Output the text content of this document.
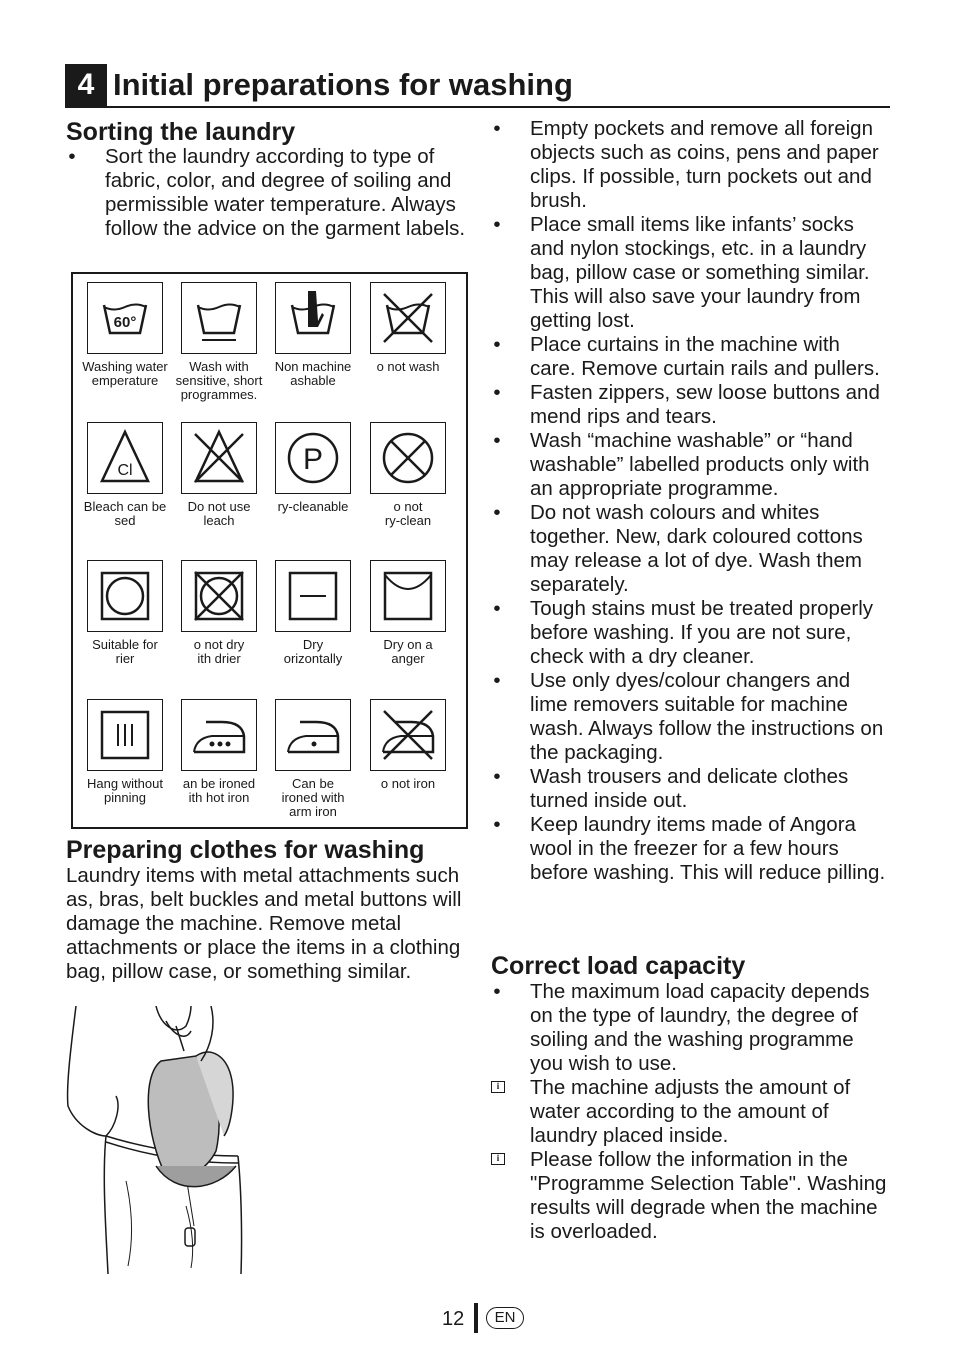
4 Initial preparations for washing
Sorting the laundry
• Sort the laundry according to type of fabric, color, and degree of soiling and permissible water temperature. Always follow the advice on the garment labels.
60°
Washing water
emperature
Wash with
sensitive, short
programmes.
Non machine
ashable
o not wash
Cl
Bleach can be
sed
Do not use
leach
P
ry-cleanable	o not
ry-clean
Suitable for
rier
o not dry
ith drier
Dry
orizontally
Dry on a
anger
Hang without
pinning
an be ironed
ith hot iron
Can be
ironed with
arm iron
o not iron
Preparing clothes for washing

Laundry items with metal attachments such as, bras, belt buckles and metal buttons will damage the machine. Remove metal attachments or place the items in a clothing bag, pillow case, or something similar.

• Empty pockets and remove all foreign objects such as coins, pens and paper clips. If possible, turn pockets out and brush.
• Place small items like infants’ socks and nylon stockings, etc. in a laundry bag, pillow case or something similar. This will also save your laundry from getting lost.
• Place curtains in the machine with care. Remove curtain rails and pullers.
• Fasten zippers, sew loose buttons and mend rips and tears.
• Wash “machine washable” or “hand washable” labelled products only with an appropriate programme.
• Do not wash colours and whites together. New, dark coloured cottons may release a lot of dye. Wash them separately.
• Tough stains must be treated properly before washing. If you are not sure, check with a dry cleaner.
• Use only dyes/colour changers and lime removers suitable for machine wash. Always follow the instructions on the packaging.
• Wash trousers and delicate clothes turned inside out.
• Keep laundry items made of Angora wool in the freezer for a few hours before washing. This will reduce pilling.
Correct load capacity
• The maximum load capacity depends on the type of laundry, the degree of soiling and the washing programme you wish to use.
i The machine adjusts the amount of water according to the amount of laundry placed inside.
i Please follow the information in the "Programme Selection Table". Washing results will degrade when the machine is overloaded.
12	EN
